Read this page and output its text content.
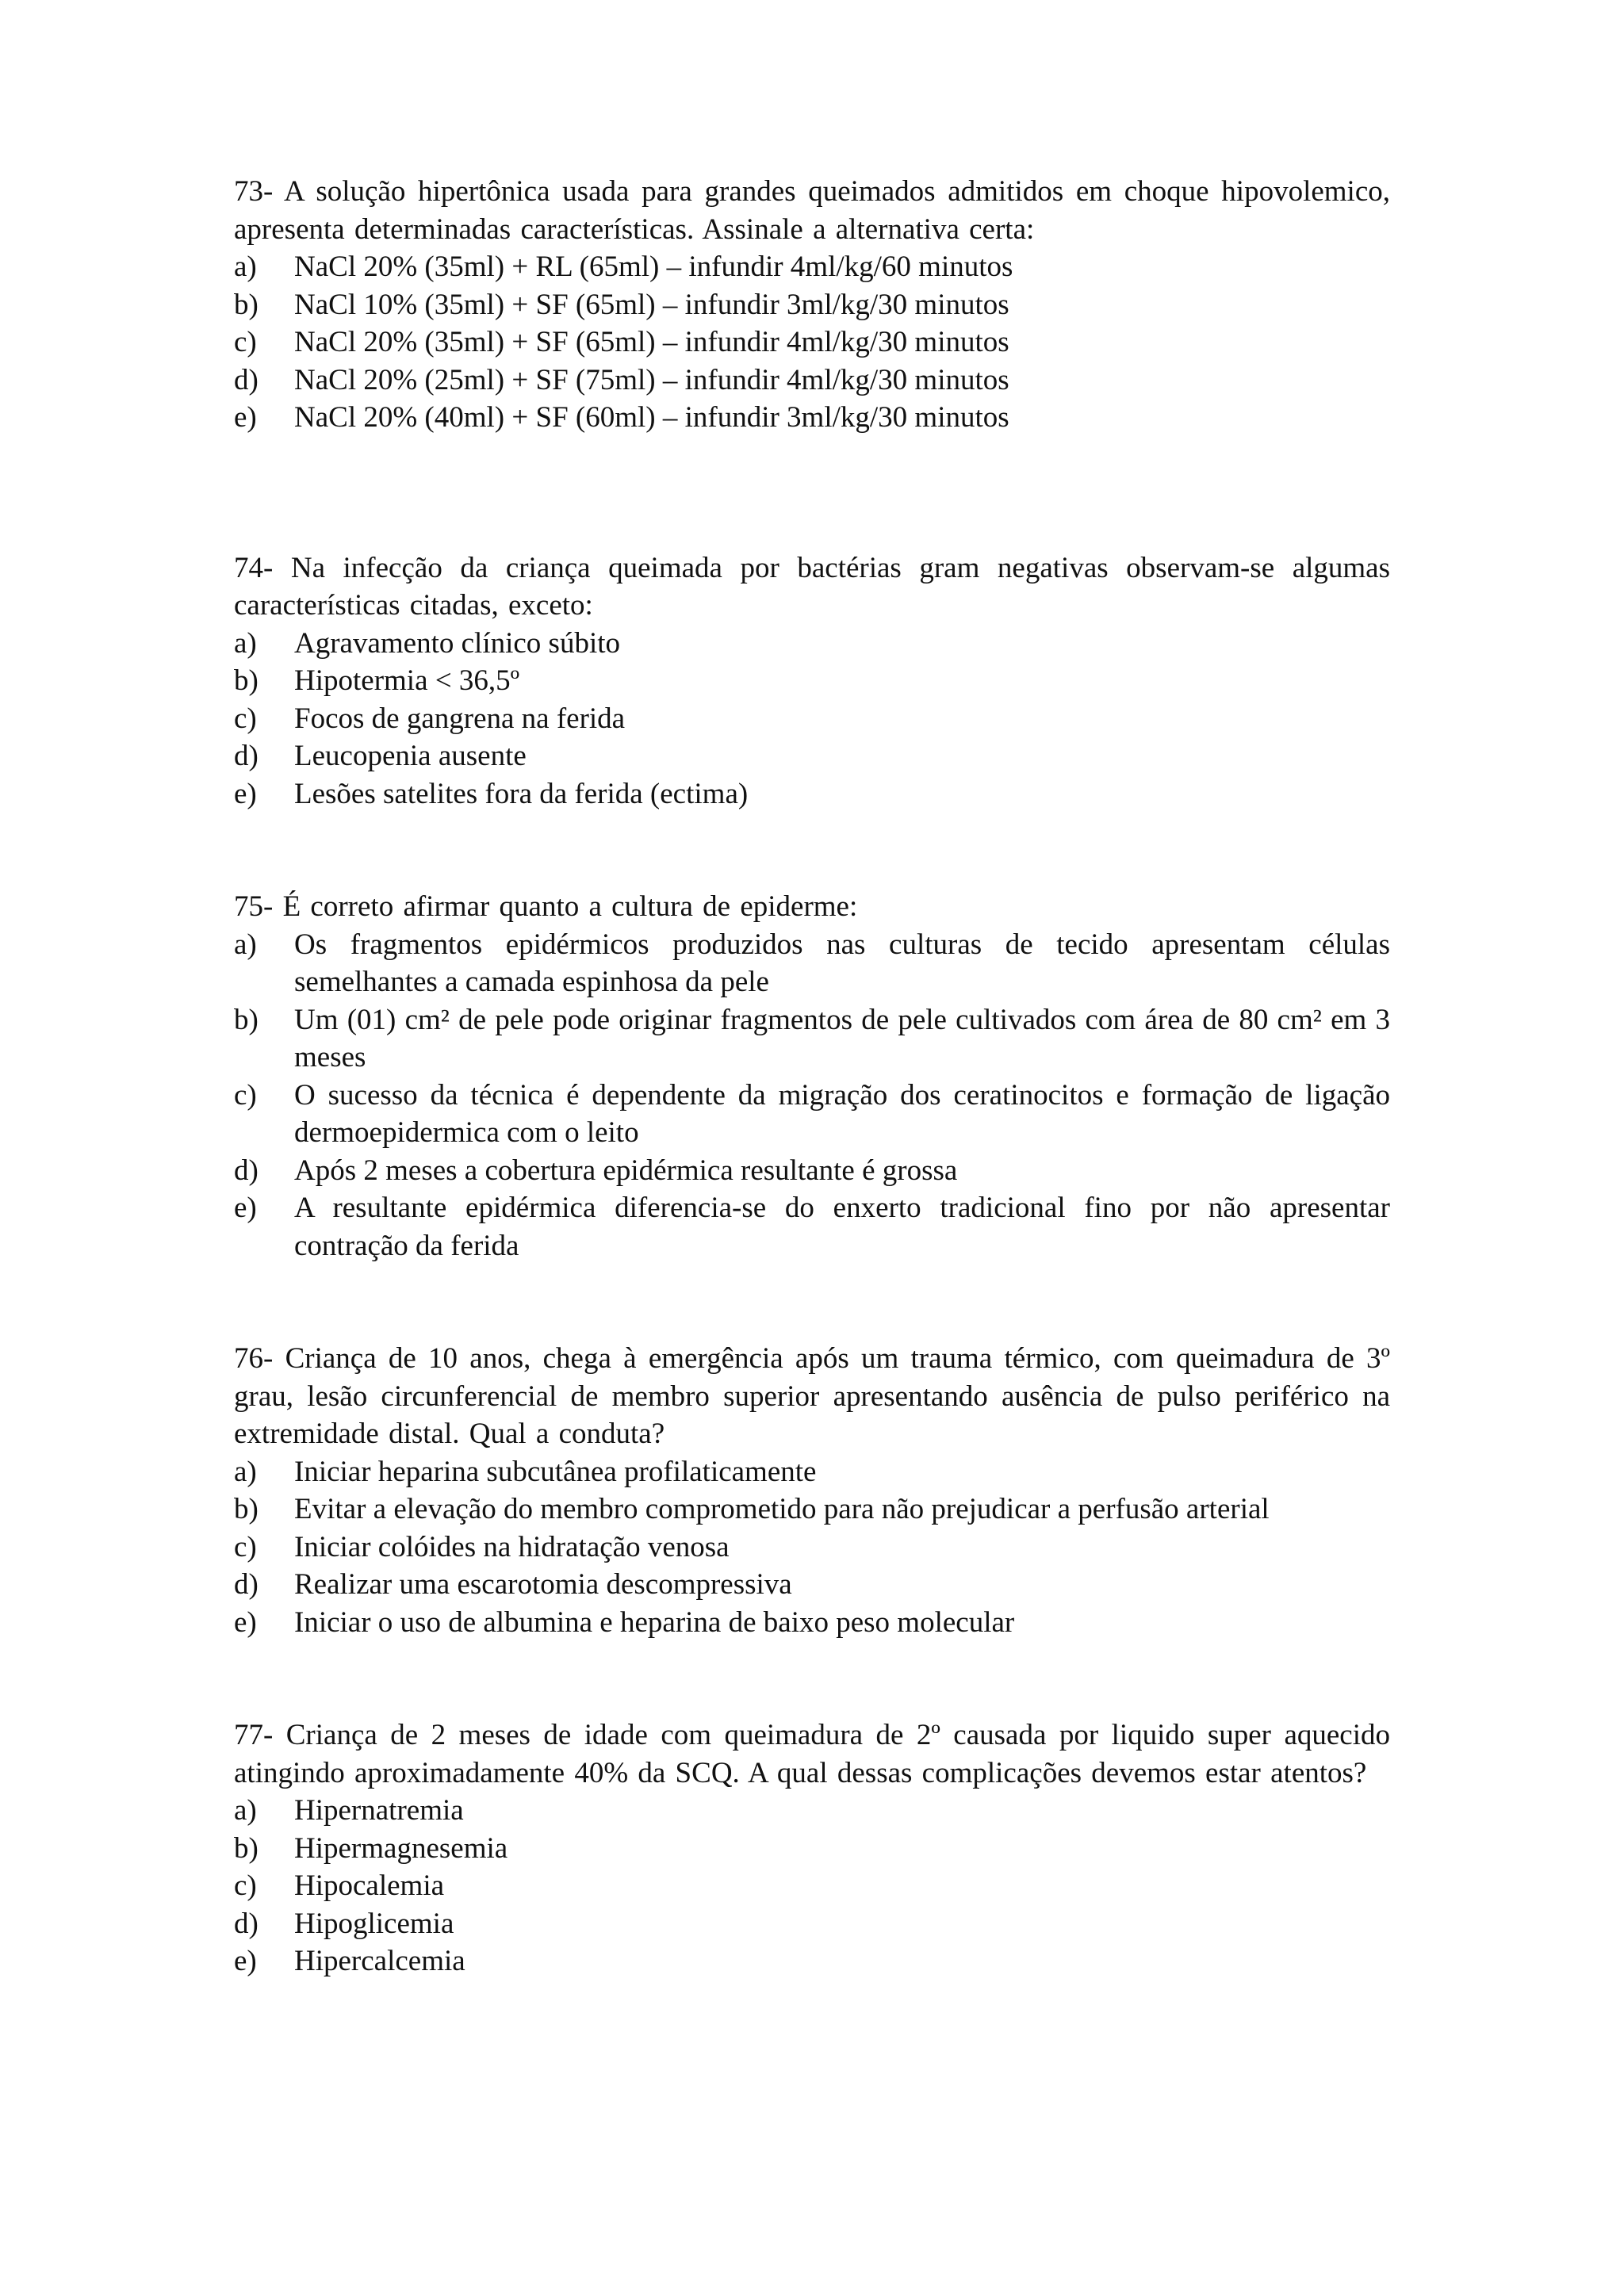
73- A solução hipertônica usada para grandes queimados admitidos em choque hipovolemico, apresenta determinadas características. Assinale a alternativa certa:

a)	NaCl 20% (35ml) + RL (65ml) – infundir 4ml/kg/60 minutos
b)	NaCl 10% (35ml) + SF (65ml) – infundir 3ml/kg/30 minutos
c)	NaCl 20% (35ml) + SF (65ml) – infundir 4ml/kg/30 minutos
d)	NaCl 20% (25ml) + SF (75ml) – infundir 4ml/kg/30 minutos
e)	NaCl 20% (40ml) + SF (60ml) – infundir 3ml/kg/30 minutos

74- Na infecção da criança queimada por bactérias gram negativas observam-se algumas características citadas, exceto:

a)	Agravamento clínico súbito
b)	Hipotermia < 36,5º
c)	Focos de gangrena na ferida
d)	Leucopenia ausente
e)	Lesões satelites fora da ferida (ectima)

75- É correto afirmar quanto a cultura de epiderme:

a)	Os fragmentos epidérmicos produzidos nas culturas de tecido apresentam células semelhantes a camada espinhosa da pele
b)	Um (01) cm² de pele pode originar fragmentos de pele cultivados com área de 80 cm² em 3 meses
c)	O sucesso da técnica é dependente da migração dos ceratinocitos e formação de ligação dermoepidermica com o leito
d)	Após 2 meses a cobertura epidérmica resultante é grossa
e)	A resultante epidérmica diferencia-se do enxerto tradicional fino por não apresentar contração da ferida

76- Criança de 10 anos, chega à emergência após um trauma térmico, com queimadura de 3º grau, lesão circunferencial de membro superior apresentando ausência de pulso periférico na extremidade distal. Qual a conduta?

a)	Iniciar heparina subcutânea profilaticamente
b)	Evitar a elevação do membro comprometido para não prejudicar a perfusão arterial
c)	Iniciar colóides na hidratação venosa
d)	Realizar uma escarotomia descompressiva
e)	Iniciar o uso de albumina e heparina de baixo peso molecular

77- Criança de 2 meses de idade com queimadura de 2º causada por liquido super aquecido atingindo aproximadamente 40% da SCQ. A qual dessas complicações devemos estar atentos?

a)	Hipernatremia
b)	Hipermagnesemia
c)	Hipocalemia
d)	Hipoglicemia
e)	Hipercalcemia
